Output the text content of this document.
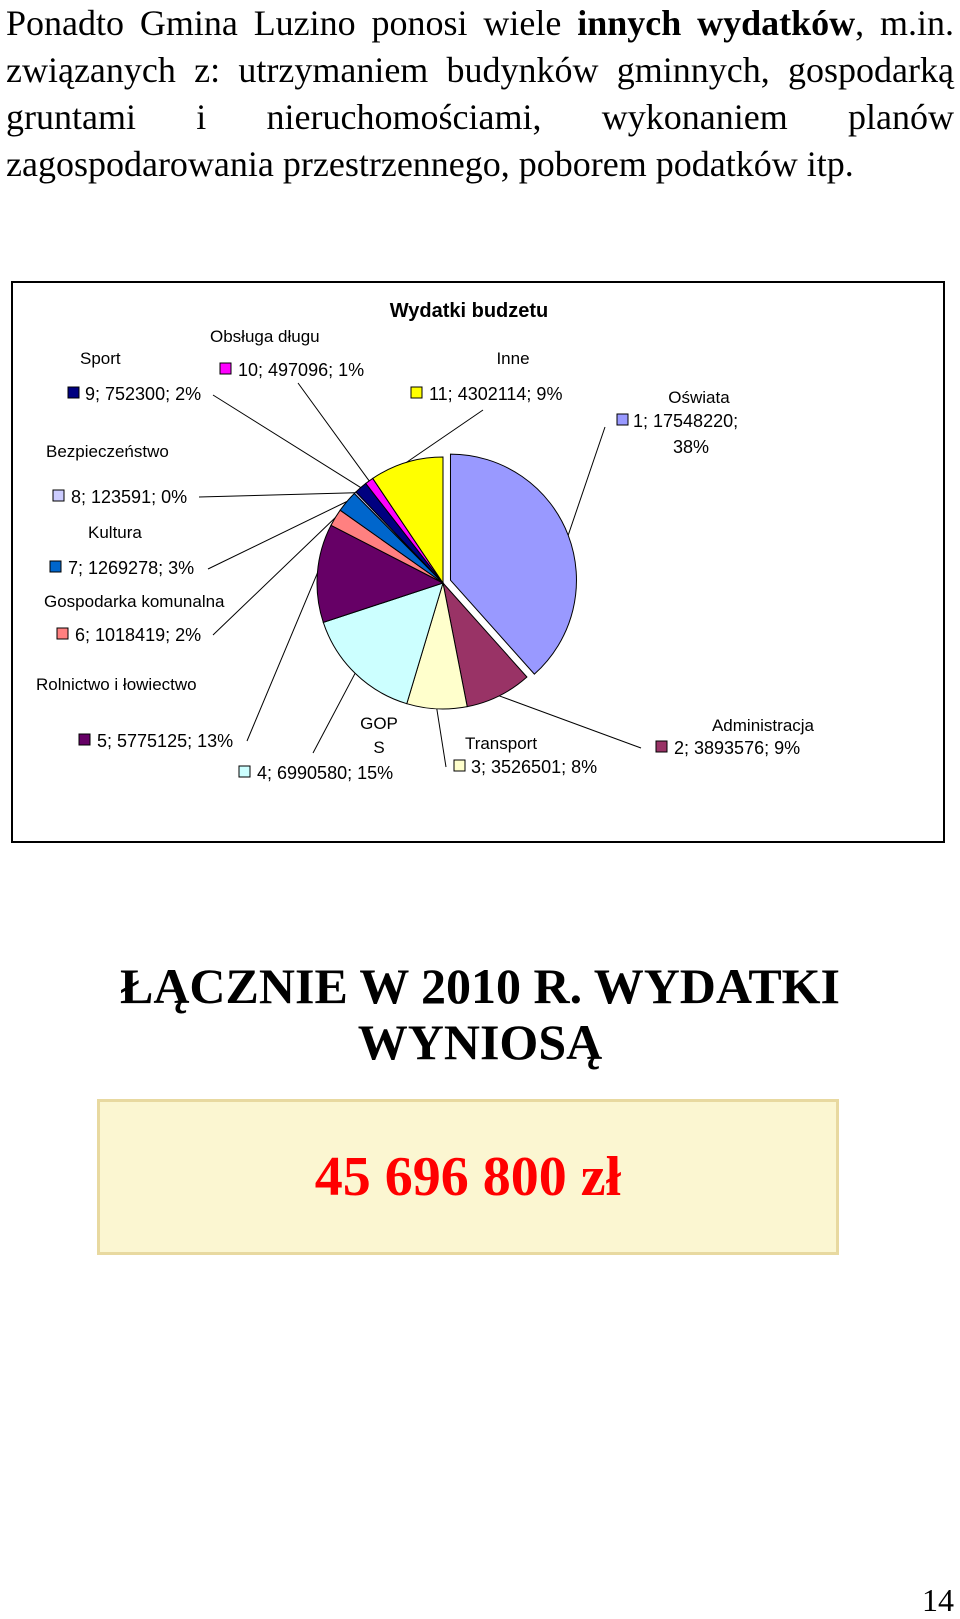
Ponadto Gmina Luzino ponosi wiele innych wydatków, m.in. związanych z: utrzymaniem budynków gminnych, gospodarką gruntami i nieruchomościami, wykonaniem planów zagospodarowania przestrzennego, poborem podatków itp.

Wydatki budzetu
Oświata
1; 17548220;
38%
Administracja
2; 3893576; 9%
Transport
3; 3526501; 8%
GOP
S
4; 6990580; 15%
Rolnictwo i łowiectwo
5; 5775125; 13%
Gospodarka komunalna
6; 1018419; 2%
Kultura
7; 1269278; 3%
Bezpieczeństwo
8; 123591; 0%
Sport
9; 752300; 2%
Obsługa długu
10; 497096; 1%
Inne
11; 4302114; 9%
ŁĄCZNIE W 2010 R. WYDATKI
WYNIOSĄ
45 696 800 zł
14
